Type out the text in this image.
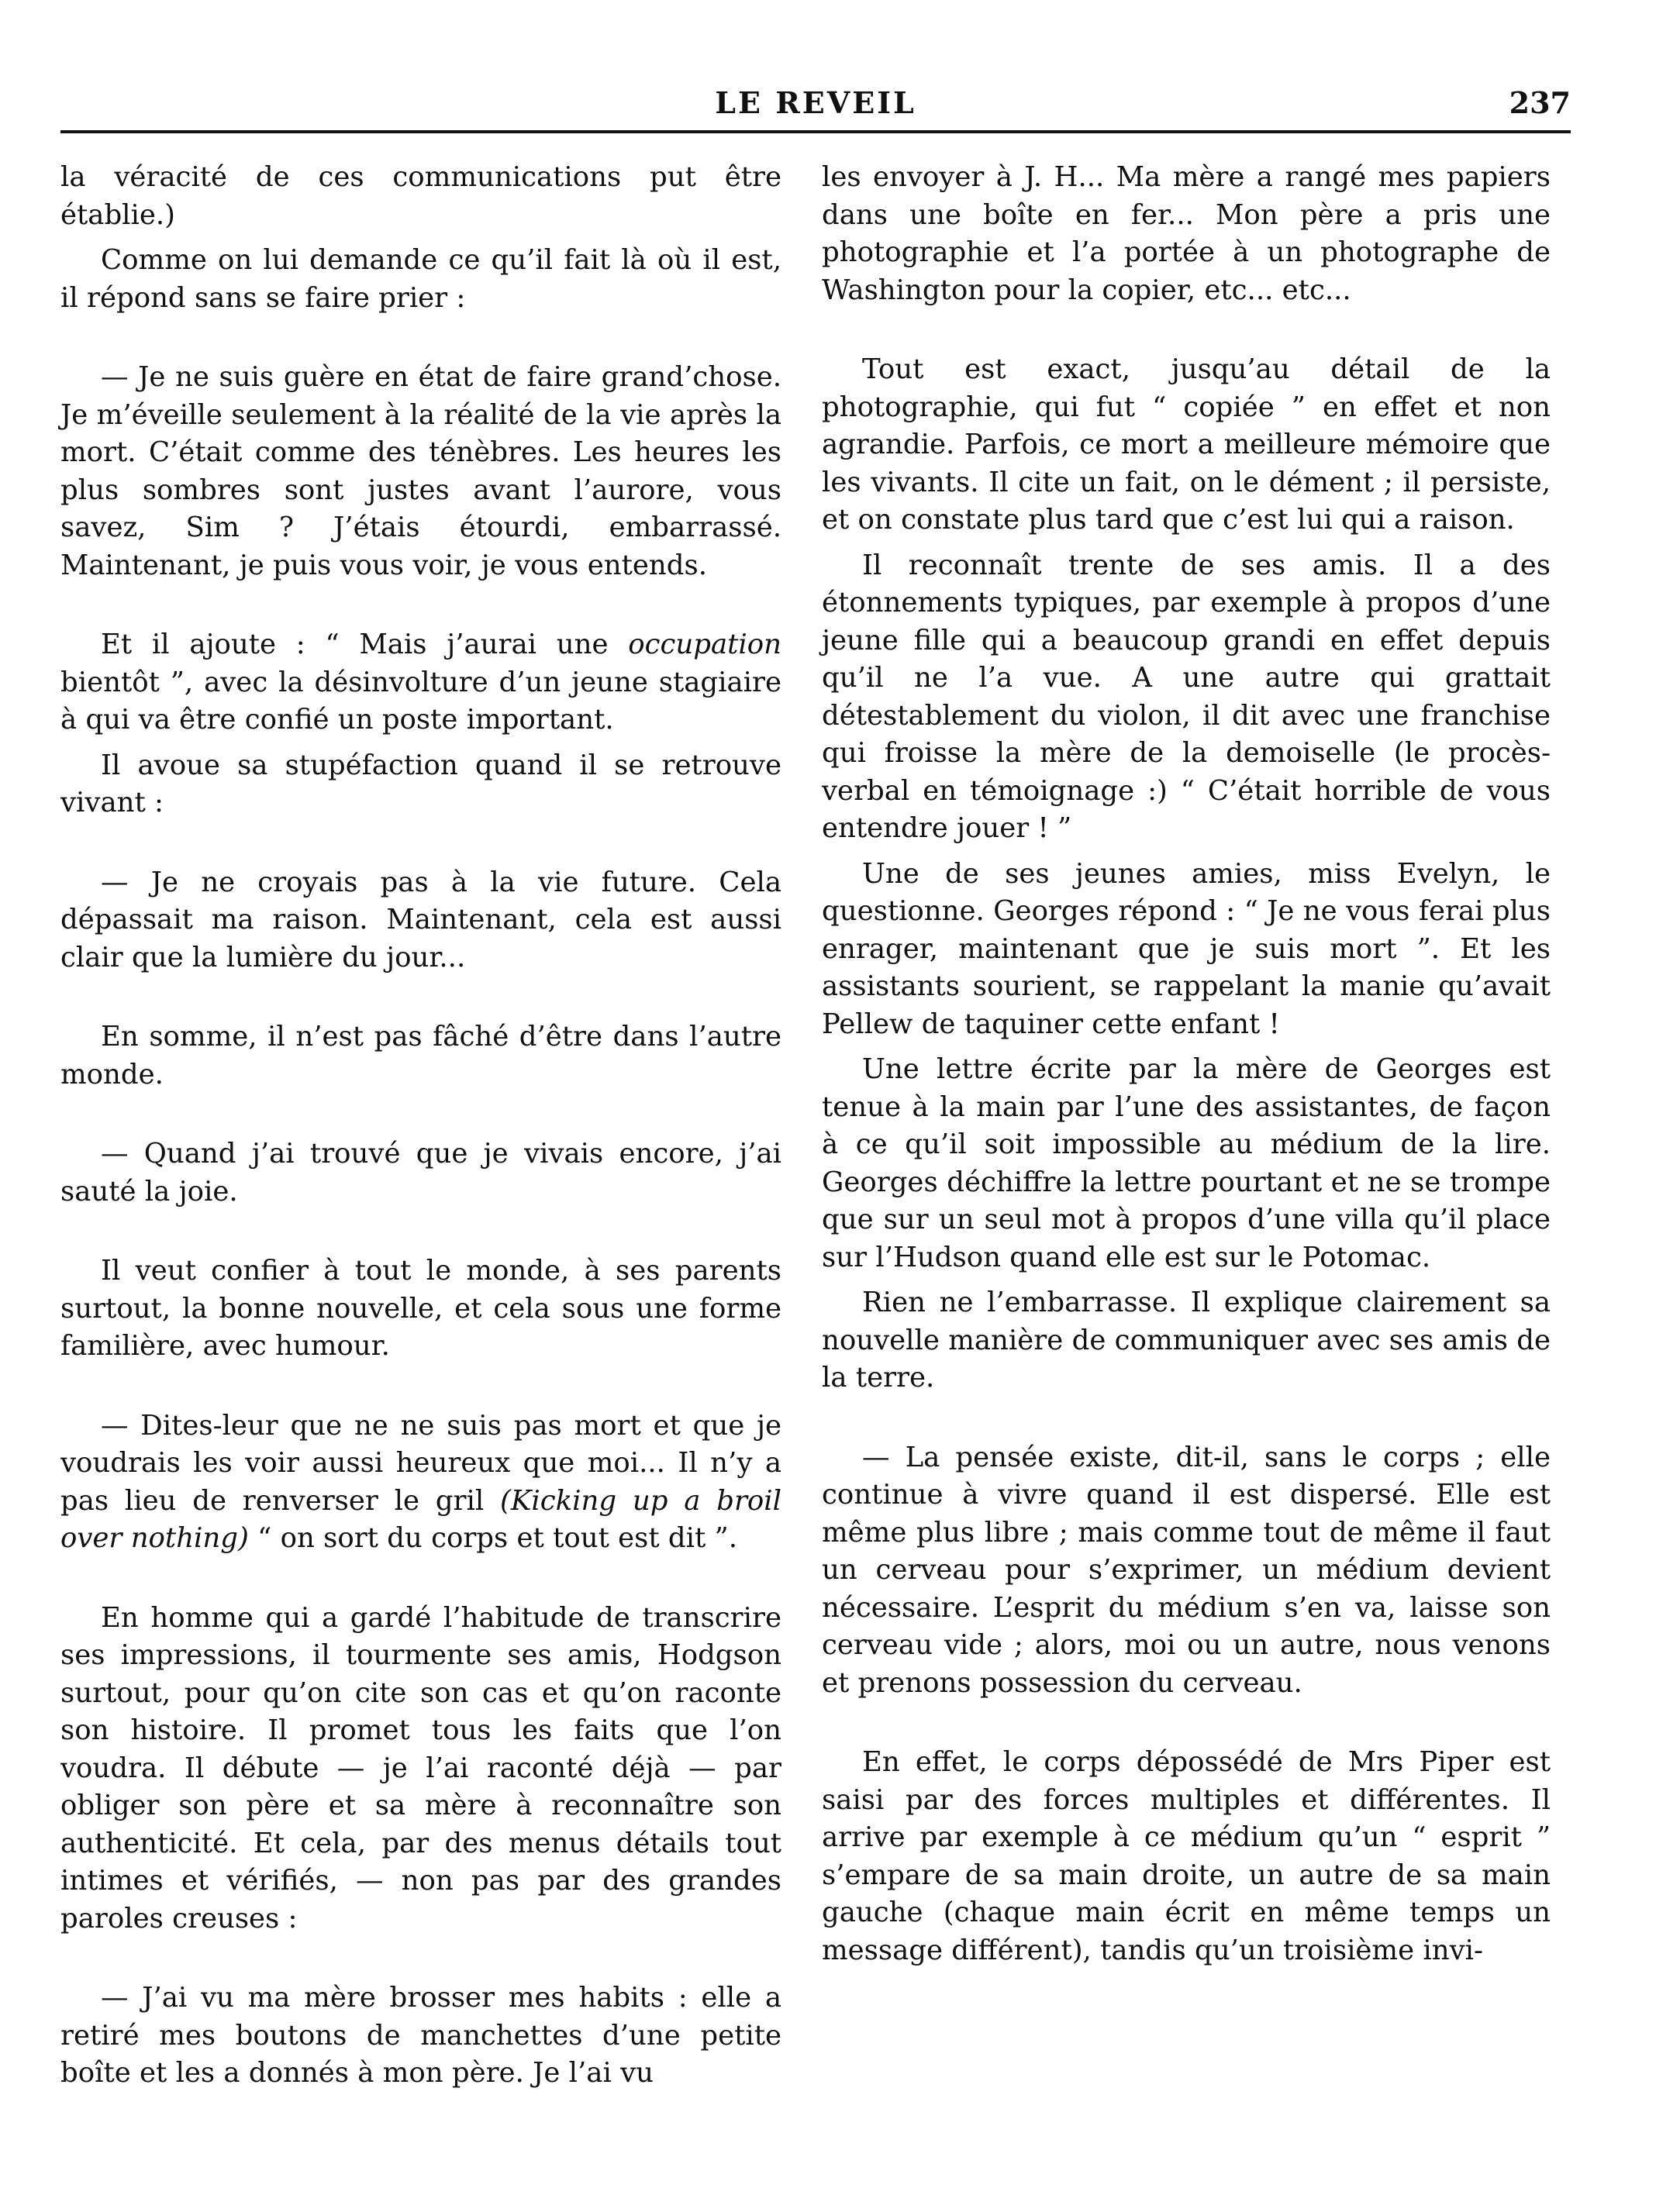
LE REVEIL	237

la véracité de ces communications put être établie.)

Comme on lui demande ce qu’il fait là où il est, il répond sans se faire prier :

— Je ne suis guère en état de faire grand’chose. Je m’éveille seulement à la réalité de la vie après la mort. C’était comme des ténèbres. Les heures les plus sombres sont justes avant l’aurore, vous savez, Sim ? J’étais étourdi, embarrassé. Maintenant, je puis vous voir, je vous entends.

Et il ajoute : “ Mais j’aurai une occupation bientôt ”, avec la désinvolture d’un jeune stagiaire à qui va être confié un poste important.

Il avoue sa stupéfaction quand il se retrouve vivant :

— Je ne croyais pas à la vie future. Cela dépassait ma raison. Maintenant, cela est aussi clair que la lumière du jour...

En somme, il n’est pas fâché d’être dans l’autre monde.

— Quand j’ai trouvé que je vivais encore, j’ai sauté la joie.

Il veut confier à tout le monde, à ses parents surtout, la bonne nouvelle, et cela sous une forme familière, avec humour.

— Dites-leur que ne ne suis pas mort et que je voudrais les voir aussi heureux que moi... Il n’y a pas lieu de renverser le gril (Kicking up a broil over nothing) “ on sort du corps et tout est dit ”.

En homme qui a gardé l’habitude de transcrire ses impressions, il tourmente ses amis, Hodgson surtout, pour qu’on cite son cas et qu’on raconte son histoire. Il promet tous les faits que l’on voudra. Il débute — je l’ai raconté déjà — par obliger son père et sa mère à reconnaître son authenticité. Et cela, par des menus détails tout intimes et vérifiés, — non pas par des grandes paroles creuses :

— J’ai vu ma mère brosser mes habits : elle a retiré mes boutons de manchettes d’une petite boîte et les a donnés à mon père. Je l’ai vu

les envoyer à J. H... Ma mère a rangé mes papiers dans une boîte en fer... Mon père a pris une photographie et l’a portée à un photographe de Washington pour la copier, etc... etc...

Tout est exact, jusqu’au détail de la photographie, qui fut “ copiée ” en effet et non agrandie. Parfois, ce mort a meilleure mémoire que les vivants. Il cite un fait, on le dément ; il persiste, et on constate plus tard que c’est lui qui a raison.

Il reconnaît trente de ses amis. Il a des étonnements typiques, par exemple à propos d’une jeune fille qui a beaucoup grandi en effet depuis qu’il ne l’a vue. A une autre qui grattait détestablement du violon, il dit avec une franchise qui froisse la mère de la demoiselle (le procès-verbal en témoignage :) “ C’était horrible de vous entendre jouer ! ”

Une de ses jeunes amies, miss Evelyn, le questionne. Georges répond : “ Je ne vous ferai plus enrager, maintenant que je suis mort ”. Et les assistants sourient, se rappelant la manie qu’avait Pellew de taquiner cette enfant !

Une lettre écrite par la mère de Georges est tenue à la main par l’une des assistantes, de façon à ce qu’il soit impossible au médium de la lire. Georges déchiffre la lettre pourtant et ne se trompe que sur un seul mot à propos d’une villa qu’il place sur l’Hudson quand elle est sur le Potomac.

Rien ne l’embarrasse. Il explique clairement sa nouvelle manière de communiquer avec ses amis de la terre.

— La pensée existe, dit-il, sans le corps ; elle continue à vivre quand il est dispersé. Elle est même plus libre ; mais comme tout de même il faut un cerveau pour s’exprimer, un médium devient nécessaire. L’esprit du médium s’en va, laisse son cerveau vide ; alors, moi ou un autre, nous venons et prenons possession du cerveau.

En effet, le corps dépossédé de Mrs Piper est saisi par des forces multiples et différentes. Il arrive par exemple à ce médium qu’un “ esprit ” s’empare de sa main droite, un autre de sa main gauche (chaque main écrit en même temps un message différent), tandis qu’un troisième invi-
